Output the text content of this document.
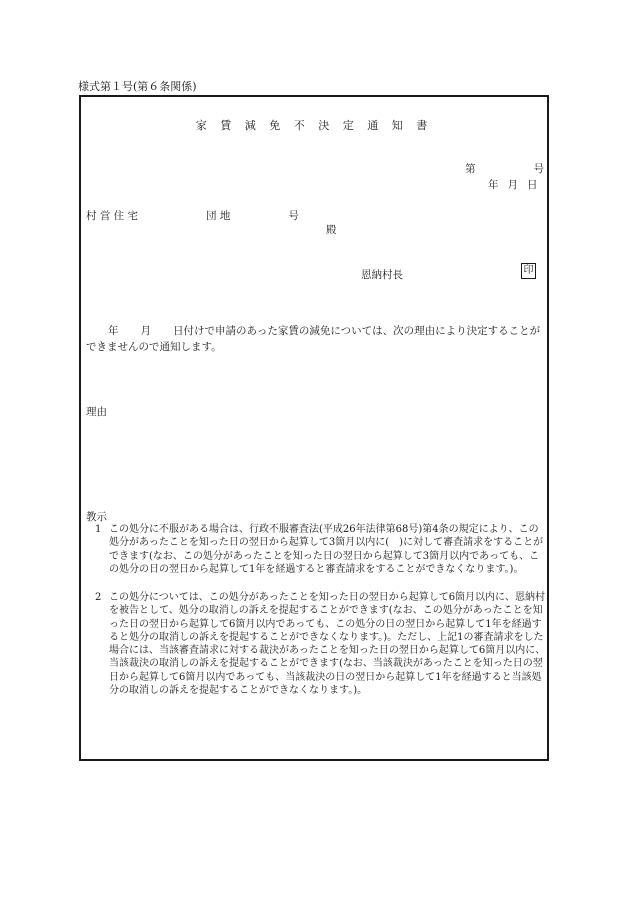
様式第１号(第６条関係)
家 賃 減 免 不 決 定 通 知 書
第	号
年 月 日
村 営 住 宅	団 地	号
殿
恩納村長	印
年 月 日付けで申請のあった家賃の減免については、次の理由により決定することができませんので通知します。
理由
教示
1 この処分に不服がある場合は、行政不服審査法(平成26年法律第68号)第4条の規定により、この処分があったことを知った日の翌日から起算して3箇月以内に(　)に対して審査請求をすることができます(なお、この処分があったことを知った日の翌日から起算して3箇月以内であっても、この処分の日の翌日から起算して1年を経過すると審査請求をすることができなくなります。)。
2 この処分については、この処分があったことを知った日の翌日から起算して6箇月以内に、恩納村を被告として、処分の取消しの訴えを提起することができます(なお、この処分があったことを知った日の翌日から起算して6箇月以内であっても、この処分の日の翌日から起算して1年を経過すると処分の取消しの訴えを提起することができなくなります。)。ただし、上記1の審査請求をした場合には、当該審査請求に対する裁決があったことを知った日の翌日から起算して6箇月以内に、当該裁決の取消しの訴えを提起することができます(なお、当該裁決があったことを知った日の翌日から起算して6箇月以内であっても、当該裁決の日の翌日から起算して1年を経過すると当該処分の取消しの訴えを提起することができなくなります。)。
